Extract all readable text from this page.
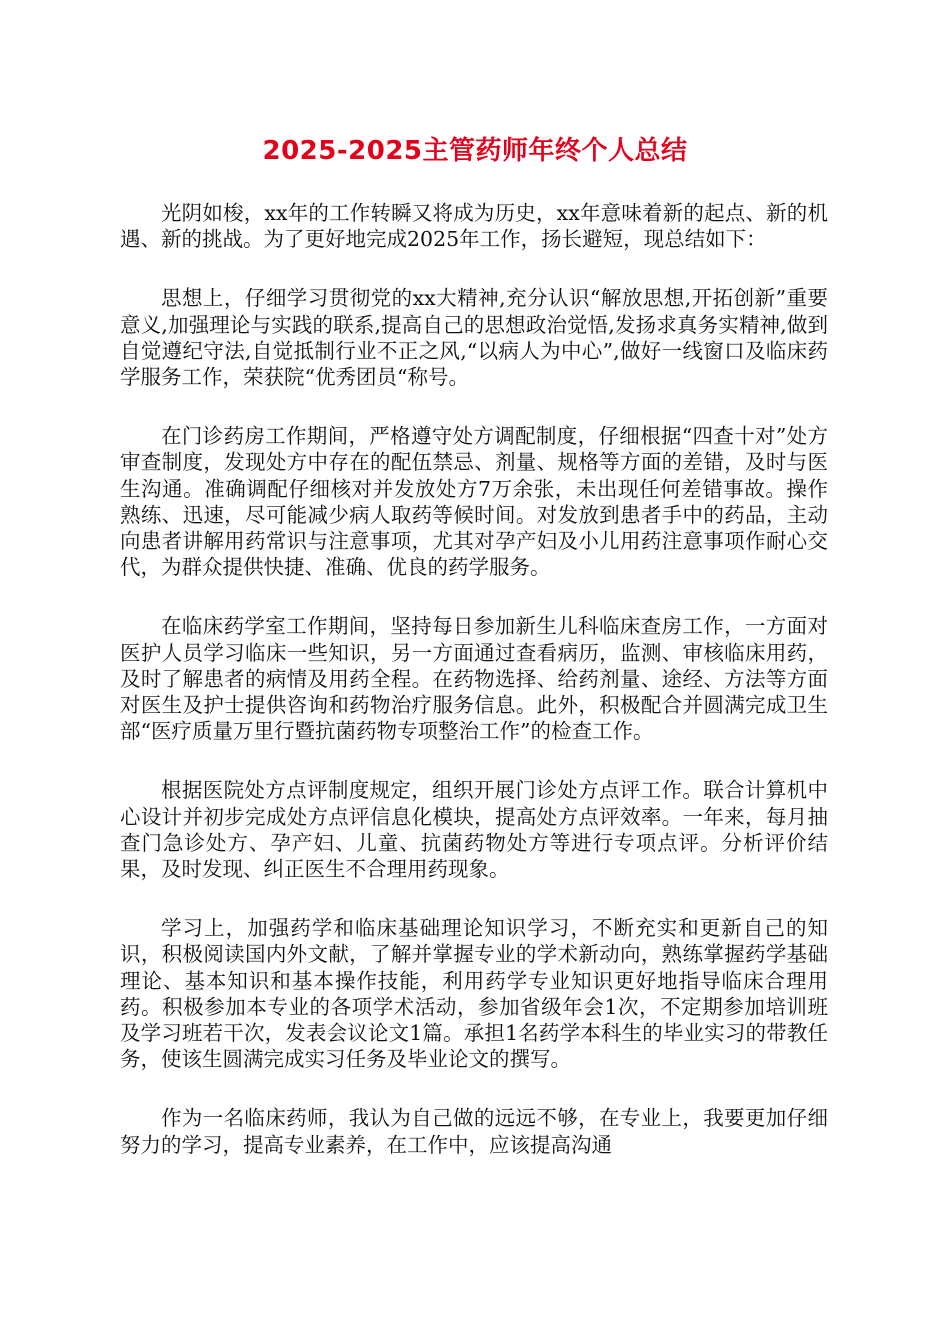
2025-2025主管药师年终个人总结

光阴如梭，xx年的工作转瞬又将成为历史，xx年意味着新的起点、新的机遇、新的挑战。为了更好地完成2025年工作，扬长避短，现总结如下：

思想上，仔细学习贯彻党的xx大精神,充分认识“解放思想,开拓创新”重要意义,加强理论与实践的联系,提高自己的思想政治觉悟,发扬求真务实精神,做到自觉遵纪守法,自觉抵制行业不正之风,“以病人为中心”,做好一线窗口及临床药学服务工作，荣获院“优秀团员“称号。

在门诊药房工作期间，严格遵守处方调配制度，仔细根据“四查十对”处方审查制度，发现处方中存在的配伍禁忌、剂量、规格等方面的差错，及时与医生沟通。准确调配仔细核对并发放处方7万余张，未出现任何差错事故。操作熟练、迅速，尽可能减少病人取药等候时间。对发放到患者手中的药品，主动向患者讲解用药常识与注意事项，尤其对孕产妇及小儿用药注意事项作耐心交代，为群众提供快捷、准确、优良的药学服务。

在临床药学室工作期间，坚持每日参加新生儿科临床查房工作，一方面对医护人员学习临床一些知识，另一方面通过查看病历，监测、审核临床用药，及时了解患者的病情及用药全程。在药物选择、给药剂量、途经、方法等方面对医生及护士提供咨询和药物治疗服务信息。此外，积极配合并圆满完成卫生部“医疗质量万里行暨抗菌药物专项整治工作”的检查工作。

根据医院处方点评制度规定，组织开展门诊处方点评工作。联合计算机中心设计并初步完成处方点评信息化模块，提高处方点评效率。一年来，每月抽查门急诊处方、孕产妇、儿童、抗菌药物处方等进行专项点评。分析评价结果，及时发现、纠正医生不合理用药现象。

学习上，加强药学和临床基础理论知识学习，不断充实和更新自己的知识，积极阅读国内外文献，了解并掌握专业的学术新动向，熟练掌握药学基础理论、基本知识和基本操作技能，利用药学专业知识更好地指导临床合理用药。积极参加本专业的各项学术活动，参加省级年会1次，不定期参加培训班及学习班若干次，发表会议论文1篇。承担1名药学本科生的毕业实习的带教任务，使该生圆满完成实习任务及毕业论文的撰写。

作为一名临床药师，我认为自己做的远远不够，在专业上，我要更加仔细努力的学习，提高专业素养，在工作中，应该提高沟通
